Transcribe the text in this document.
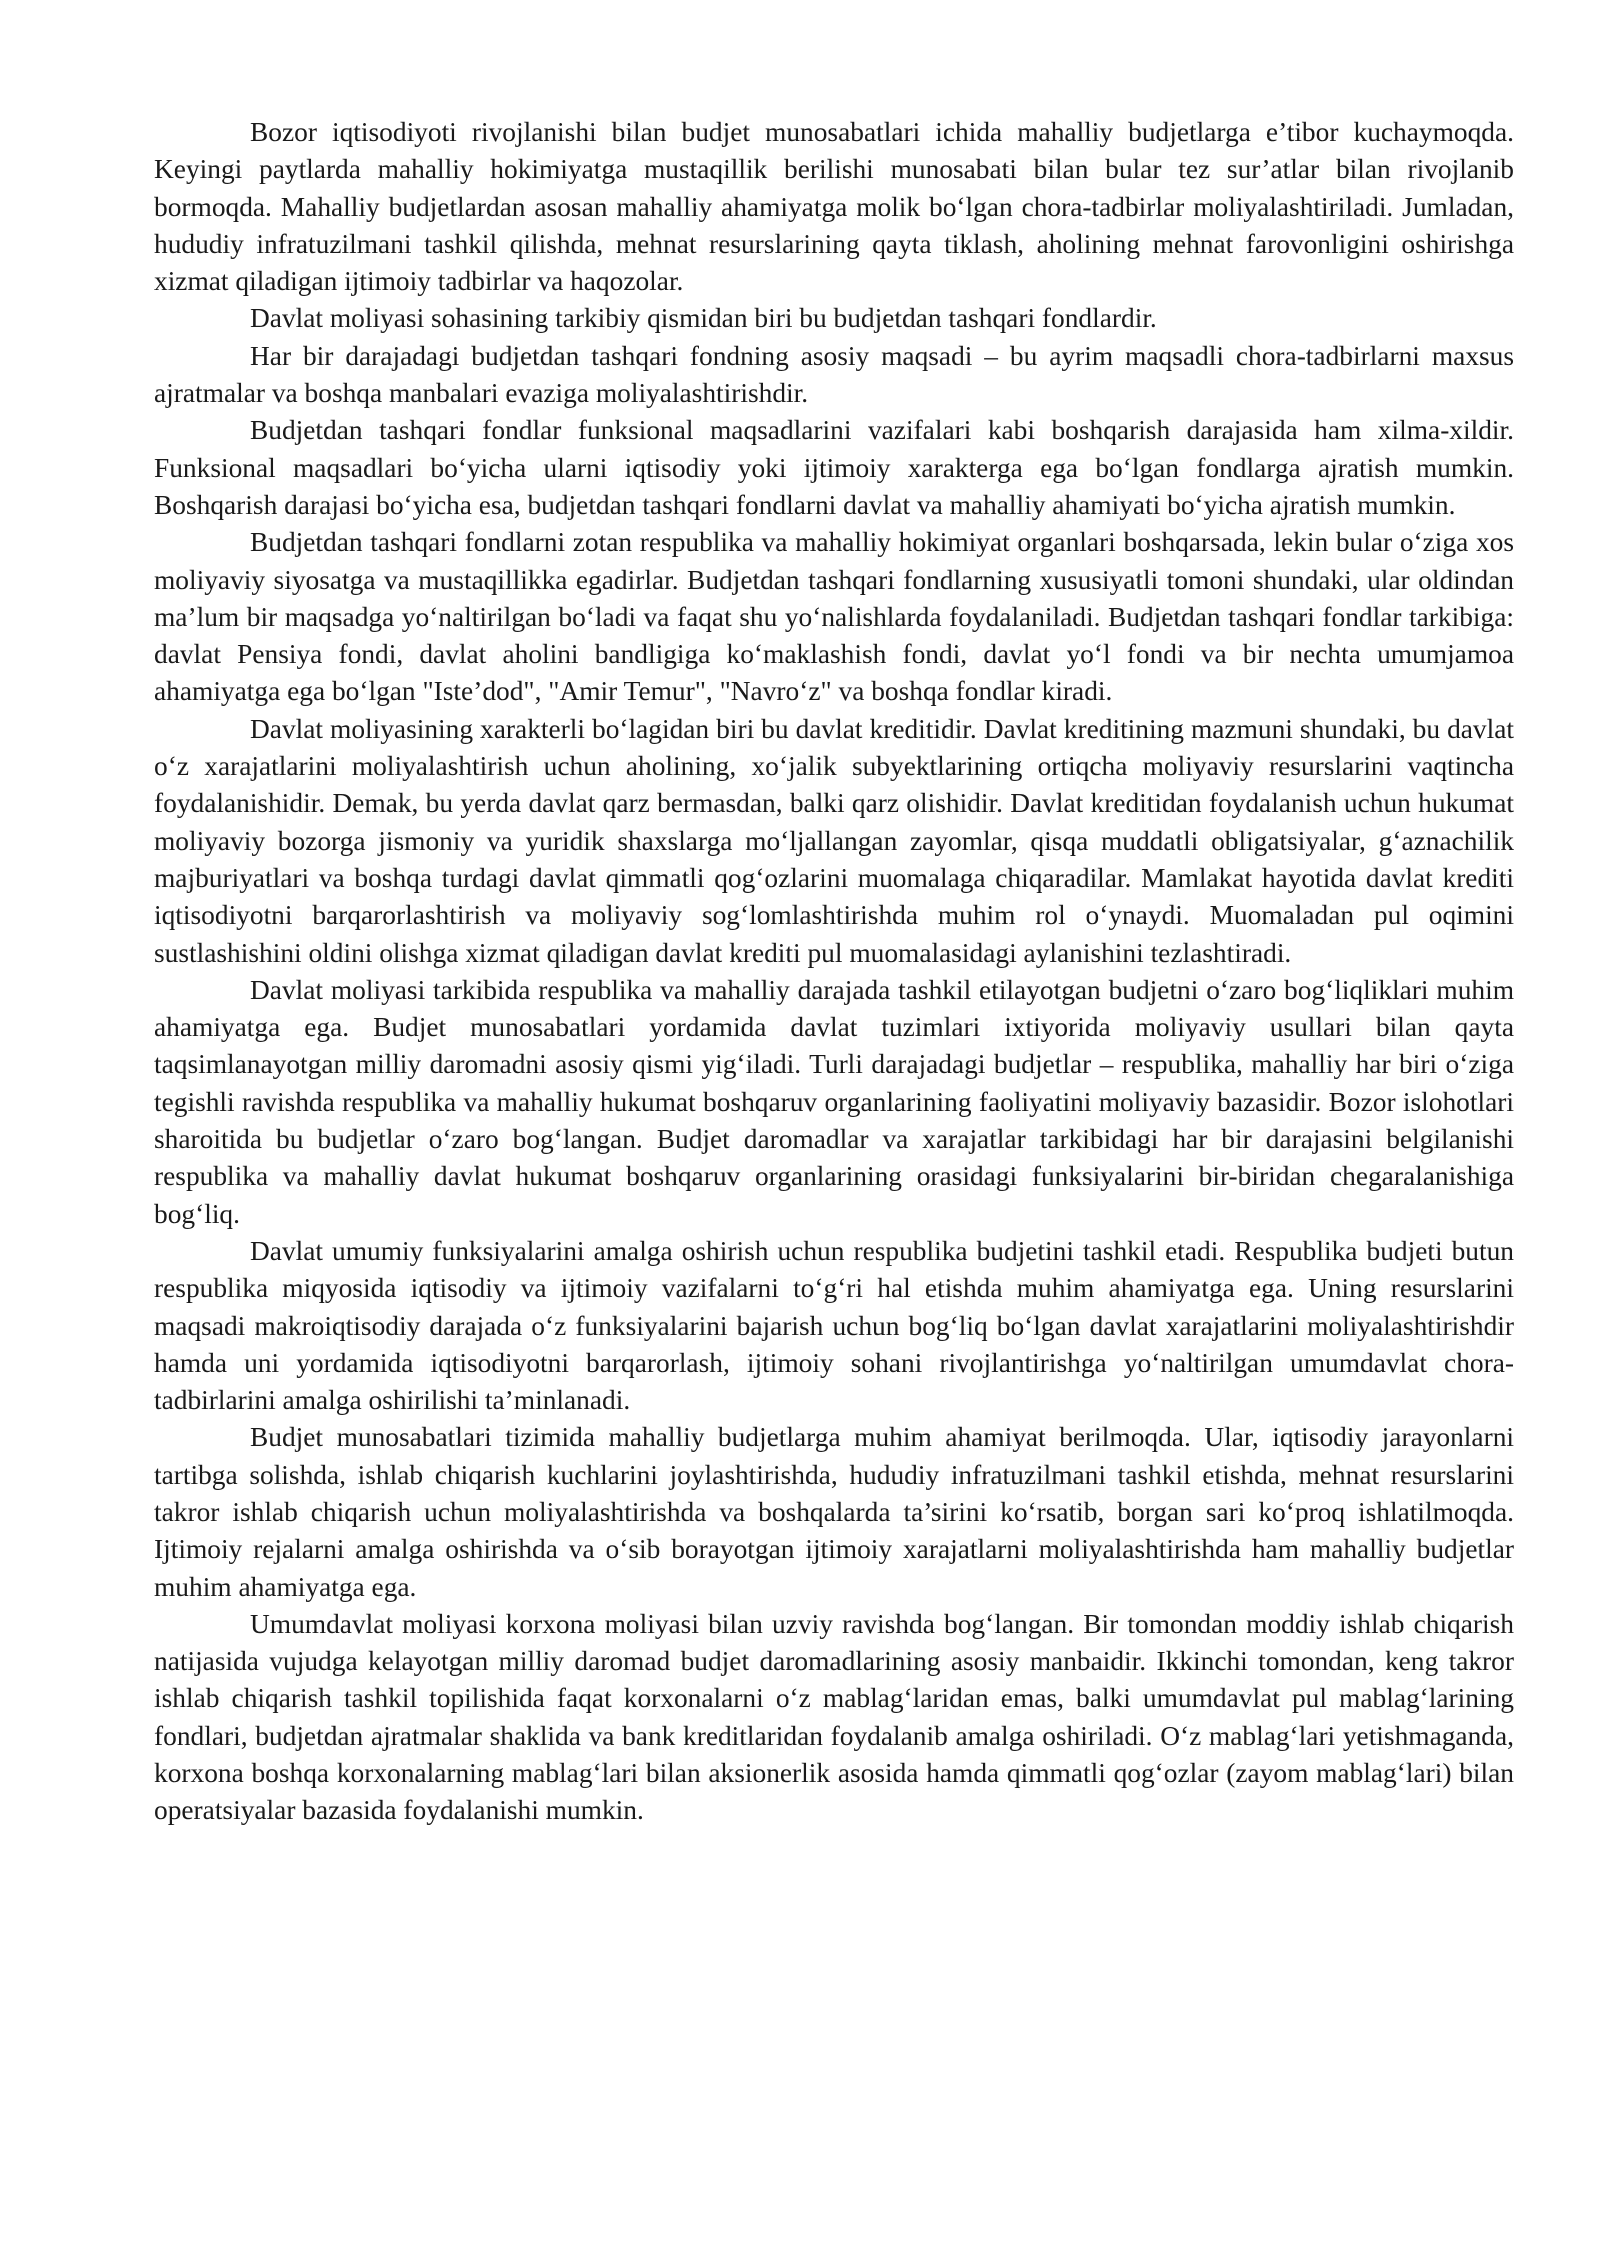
Bozor iqtisodiyoti rivojlanishi bilan budjet munosabatlari ichida mahalliy budjetlarga e’tibor kuchaymoqda. Keyingi paytlarda mahalliy hokimiyatga mustaqillik berilishi munosabati bilan bular tez sur’atlar bilan rivojlanib bormoqda. Mahalliy budjetlardan asosan mahalliy ahamiyatga molik bo‘lgan chora-tadbirlar moliyalashtiriladi. Jumladan, hududiy infratuzilmani tashkil qilishda, mehnat resurslarining qayta tiklash, aholining mehnat farovonligini oshirishga xizmat qiladigan ijtimoiy tadbirlar va haqozolar.

Davlat moliyasi sohasining tarkibiy qismidan biri bu budjetdan tashqari fondlardir.

Har bir darajadagi budjetdan tashqari fondning asosiy maqsadi – bu ayrim maqsadli chora-tadbirlarni maxsus ajratmalar va boshqa manbalari evaziga moliyalashtirishdir.

Budjetdan tashqari fondlar funksional maqsadlarini vazifalari kabi boshqarish darajasida ham xilma-xildir. Funksional maqsadlari bo‘yicha ularni iqtisodiy yoki ijtimoiy xarakterga ega bo‘lgan fondlarga ajratish mumkin. Boshqarish darajasi bo‘yicha esa, budjetdan tashqari fondlarni davlat va mahalliy ahamiyati bo‘yicha ajratish mumkin.

Budjetdan tashqari fondlarni zotan respublika va mahalliy hokimiyat organlari boshqarsada, lekin bular o‘ziga xos moliyaviy siyosatga va mustaqillikka egadirlar. Budjetdan tashqari fondlarning xususiyatli tomoni shundaki, ular oldindan ma’lum bir maqsadga yo‘naltirilgan bo‘ladi va faqat shu yo‘nalishlarda foydalaniladi. Budjetdan tashqari fondlar tarkibiga: davlat Pensiya fondi, davlat aholini bandligiga ko‘maklashish fondi, davlat yo‘l fondi va bir nechta umumjamoa ahamiyatga ega bo‘lgan "Iste’dod", "Amir Temur", "Navro‘z" va boshqa fondlar kiradi.

Davlat moliyasining xarakterli bo‘lagidan biri bu davlat kreditidir. Davlat kreditining mazmuni shundaki, bu davlat o‘z xarajatlarini moliyalashtirish uchun aholining, xo‘jalik subyektlarining ortiqcha moliyaviy resurslarini vaqtincha foydalanishidir. Demak, bu yerda davlat qarz bermasdan, balki qarz olishidir. Davlat kreditidan foydalanish uchun hukumat moliyaviy bozorga jismoniy va yuridik shaxslarga mo‘ljallangan zayomlar, qisqa muddatli obligatsiyalar, g‘aznachilik majburiyatlari va boshqa turdagi davlat qimmatli qog‘ozlarini muomalaga chiqaradilar. Mamlakat hayotida davlat krediti iqtisodiyotni barqarorlashtirish va moliyaviy sog‘lomlashtirishda muhim rol o‘ynaydi. Muomaladan pul oqimini sustlashishini oldini olishga xizmat qiladigan davlat krediti pul muomalasidagi aylanishini tezlashtiradi.

Davlat moliyasi tarkibida respublika va mahalliy darajada tashkil etilayotgan budjetni o‘zaro bog‘liqliklari muhim ahamiyatga ega. Budjet munosabatlari yordamida davlat tuzimlari ixtiyorida moliyaviy usullari bilan qayta taqsimlanayotgan milliy daromadni asosiy qismi yig‘iladi. Turli darajadagi budjetlar – respublika, mahalliy har biri o‘ziga tegishli ravishda respublika va mahalliy hukumat boshqaruv organlarining faoliyatini moliyaviy bazasidir. Bozor islohotlari sharoitida bu budjetlar o‘zaro bog‘langan. Budjet daromadlar va xarajatlar tarkibidagi har bir darajasini belgilanishi respublika va mahalliy davlat hukumat boshqaruv organlarining orasidagi funksiyalarini bir-biridan chegaralanishiga bog‘liq.

Davlat umumiy funksiyalarini amalga oshirish uchun respublika budjetini tashkil etadi. Respublika budjeti butun respublika miqyosida iqtisodiy va ijtimoiy vazifalarni to‘g‘ri hal etishda muhim ahamiyatga ega. Uning resurslarini maqsadi makroiqtisodiy darajada o‘z funksiyalarini bajarish uchun bog‘liq bo‘lgan davlat xarajatlarini moliyalashtirishdir hamda uni yordamida iqtisodiyotni barqarorlash, ijtimoiy sohani rivojlantirishga yo‘naltirilgan umumdavlat chora-tadbirlarini amalga oshirilishi ta’minlanadi.

Budjet munosabatlari tizimida mahalliy budjetlarga muhim ahamiyat berilmoqda. Ular, iqtisodiy jarayonlarni tartibga solishda, ishlab chiqarish kuchlarini joylashtirishda, hududiy infratuzilmani tashkil etishda, mehnat resurslarini takror ishlab chiqarish uchun moliyalashtirishda va boshqalarda ta’sirini ko‘rsatib, borgan sari ko‘proq ishlatilmoqda. Ijtimoiy rejalarni amalga oshirishda va o‘sib borayotgan ijtimoiy xarajatlarni moliyalashtirishda ham mahalliy budjetlar muhim ahamiyatga ega.

Umumdavlat moliyasi korxona moliyasi bilan uzviy ravishda bog‘langan. Bir tomondan moddiy ishlab chiqarish natijasida vujudga kelayotgan milliy daromad budjet daromadlarining asosiy manbaidir. Ikkinchi tomondan, keng takror ishlab chiqarish tashkil topilishida faqat korxonalarni o‘z mablag‘laridan emas, balki umumdavlat pul mablag‘larining fondlari, budjetdan ajratmalar shaklida va bank kreditlaridan foydalanib amalga oshiriladi. O‘z mablag‘lari yetishmaganda, korxona boshqa korxonalarning mablag‘lari bilan aksionerlik asosida hamda qimmatli qog‘ozlar (zayom mablag‘lari) bilan operatsiyalar bazasida foydalanishi mumkin.
